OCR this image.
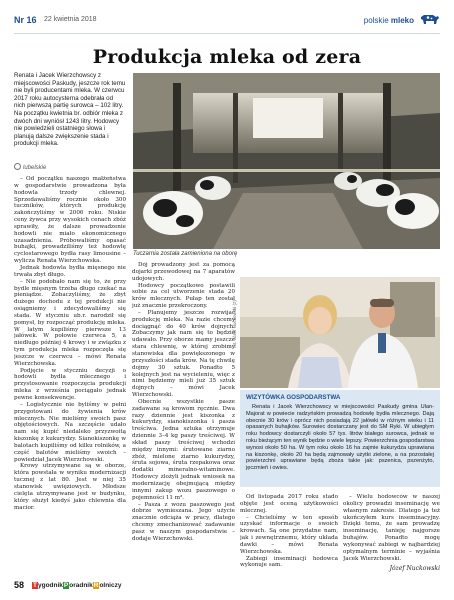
Nr 16 22 kwietnia 2018	polskie mleko
Produkcja mleka od zera
Renata i Jacek Wierzchowscy z miejscowości Paskudy, jeszcze rok temu nie byli producentami mleka. W czerwcu 2017 roku autocysterna odebrała od nich pierwszą partię surowca – 102 litry. Na początku kwietnia br. odbiór mleka z dwóch dni wyniósł 1243 litry. Hodowcy nie powiedzieli ostatniego słowa i planują dalsze zwiększenie stada i produkcji mleka.
lubelskie

– Od początku naszego małżeństwa w gospodarstwie prowadzona była hodowla trzody chlewnej. Sprzedawaliśmy rocznie około 300 tuczników, których produkcję zakończyliśmy w 2006 roku. Niskie ceny żywca przy wysokich cenach zbóż sprawiły, że dalsze prowadzenie hodowli nie miało ekonomicznego uzasadnienia. Próbowaliśmy opasać buhajki, prowadziliśmy też hodowlę cyclostarowego bydła rasy limousine – wylicza Renata Wierzchowska.

Jednak hodowla bydła mięsnego nie trwała zbyt długo.

– Nie podobało nam się to, że przy bydle mięsnym trzeba długo czekać na pieniądze. Zobaczyliśmy, że zbyt dużego dochodu z tej produkcji nie osiągniemy i zdecydowaliśmy się stada. W styczniu ub.r. narodził się pomysł, by rozpocząć produkcję mleka. W latym kupiliśmy pierwsze 13 jałówek. W połowie czerwca 5, a niedługo później 4 krowy i w związku z tym produkcja mleka rozpoczęła się jeszcze w czerwcu – mówi Renata Wierzchowska.

Podjęcie w styczniu decyzji o hodowli bydła mlecznego i przystosowanie rozpoczęcia produkcji mleka z września pociągało jednak pewne konsekwencje.

– Logistycznie nie byliśmy w pełni przygotowani do żywienia krów mlecznych. Nie mieliśmy swoich pasz objętościowych. Na szczęście udało nam się kupić niedaleko przyzwoitą kiszonkę z kukurydzy. Sianokiszonkę w balotach kupiliśmy od kilku rolników, a część balotów mieliśmy swoich – powiedział Jacek Wierzchowski.

Krowy utrzymywane są w oborze, która powstała w wyniku modernizacji tucznej z lat 80. Jest w niej 35 stanowisk uwięziowych. Młodsze cielęta utrzymywane jest w budynku, który służył kiedyś jako chlewnia dla macior.

Tuczarnia została zamieniona na oborę

Dój prowadzony jest za pomocą dojarki przewodowej na 7 aparatów udojowych.

Hodowcy początkowo postawili sobie za cel utworzenie stada 20 krów mlecznych. Pułap ten został już znacznie przekroczony.

– Planujemy jeszcze rozwijać produkcję mleka. Na razie chcemy dociągnąć do 40 krów dojnych. Zobaczymy jak nam się to będzie udawało. Przy oborze mamy jeszcze stara chlewnię, w której zrobimy stanowiska dla powiększonego w przyszłości stada krów. Na tę chwilę dojmy 30 sztuk. Ponadto 5 kolejnych jest na wycieleniu, więc z nimi będziemy mieli już 35 sztuk dojnych – mówi Jacek Wierzchowski.

Obecnie wszystkie pasze zadawane są krowom ręcznie. Dwa razy dziennie jest kiszonka z kukurydzy, sianokiszonka i pasza treściwa. Jedna sztuka otrzymuje dziennie 3–4 kg paszy treściwej. W skład paszy treściwej wchodzi między innymi: śrutowane ziarno zbóż, mielone ziarno kukurydzy, śruta sojowa, śruta rzepakowa oraz dodatki mineralno-witaminowe. Hodowcy zlożyli jednak wniosek na modernizację obejmującą między innymi zakup wozu paszowego o pojemności 11 m³.

– Pasza z wozu paszowego jest dobrze wymieszana. Jego użycie znacznie odciąża w pracy, dlatego chcemy zmechanizować zadawanie pasz w naszym gospodarstwie – dodaje Wierzchowski.

fot. Józef Nuckowski (2)
WIZYTÓWKA GOSPODARSTWA

Renata i Jacek Wierzchowscy w miejscowości Paskudy gmina Ulan-Majorat w powiecie radzyńskim prowadzą hodowlę bydła mlecznego. Dają obecnie 30 krów i oprócz nich posiadają 22 jałówki w różnym wieku i 11 opasanych buhajków. Surowiec dostarczany jest do SM Ryki. W ubiegłym roku hodowcy dostarczyli około 57 tys. litrów białego surowca, jednak w roku bieżącym ten wynik będzie o wiele lepszy. Powierzchnia gospodarstwa wynosi około 50 ha. W tym roku około 16 ha zajmie kukurydza uprawiana na kiszonkę, około 20 ha będą zajmowały użytki zielone, a na pozostałej powierzchni uprawiane będą zboża takie jak: pszenica, pszenżyto, jęczmień i owies.

Od listopada 2017 roku stado objęte jest oceną użytkowości mlecznej.

– Chcieliśmy w ten sposób uzyskać informacje o swoich krowach. Są one przydatne nam, jak i zewnętrznemu, który układa dawki – mówi Renata Wierzchowska.

Zabiegi inseminacji hodowca wykonuje sam.

– Wielu hodowców w naszej okolicy prowadzi inseminację we własnym zakresie. Dlatego ja też ukończyłem kurs inseminacyjny. Dzięki temu, że sam prowadzę inseminację, tanieję najgorsze buhajów. Ponadto mogę wykonywać zabiegi w najbardziej optymalnym terminie – wyjaśnia Jacek Wierzchowski.

Józef Nuckowski
58 TygodnikPoradnikRolniczy
